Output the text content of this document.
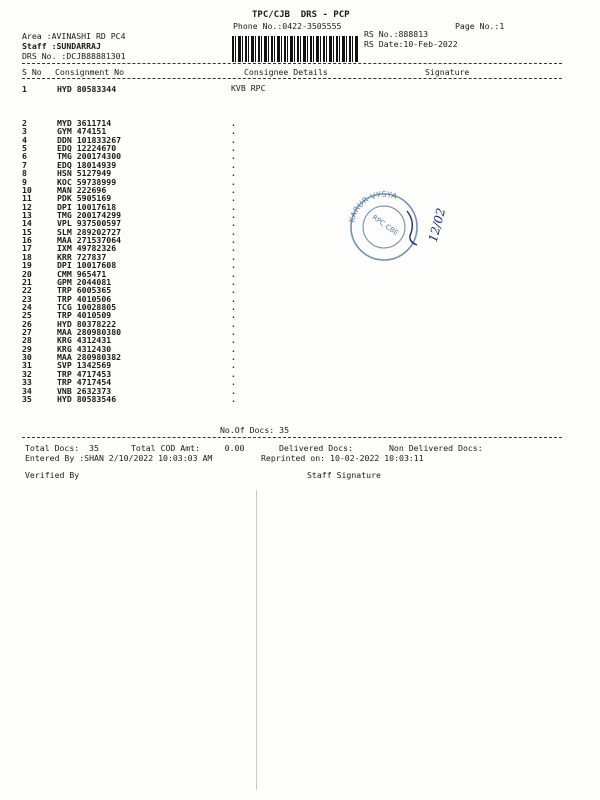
TPC/CJB  DRS - PCP
Phone No.:0422-3505555	Page No.:1
Area :AVINASHI RD PC4
Staff :SUNDARRAJ
DRS No. :DCJB88881301
RS No.:888813
RS Date:10-Feb-2022
S No Consignment No	Consignee Details	Signature
1	HYD 80583344	KVB RPC
2	MYD 3611714	.
3	GYM 474151	.
4	DDN 101833267	.
5	EDQ 12224670	.
6	TMG 200174300	.
7	EDQ 18014939	.
8	HSN 5127949	.
9	KOC 59738999	.
10	MAN 222696	.
11	PDK 5905169	.
12	DPI 10017618	.
13	TMG 200174299	.
14	VPL 937500597	.
15	SLM 289202727	.
16	MAA 271537064	.
17	IXM 49782326	.
18	KRR 727837	.
19	DPI 10017608	.
20	CMM 965471	.
21	GPM 2044081	.
22	TRP 6005365	.
23	TRP 4010506	.
24	TCG 10028805	.
25	TRP 4010509	.
26	HYD 80378222	.
27	MAA 280980380	.
28	KRG 4312431	.
29	KRG 4312430	.
30	MAA 280980382	.
31	SVP 1342569	.
32	TRP 4717453	.
33	TRP 4717454	.
34	VNB 2632373	.
35	HYD 80583546	.
No.Of Docs: 35
KARUR VYSYA
RPC CBE 12/02
Total Docs:  35	Total COD Amt:     0.00	Delivered Docs:	Non Delivered Docs:
Entered By :SHAN 2/10/2022 10:03:03 AM	Reprinted on: 10-02-2022 10:03:11
Verified By	Staff Signature
